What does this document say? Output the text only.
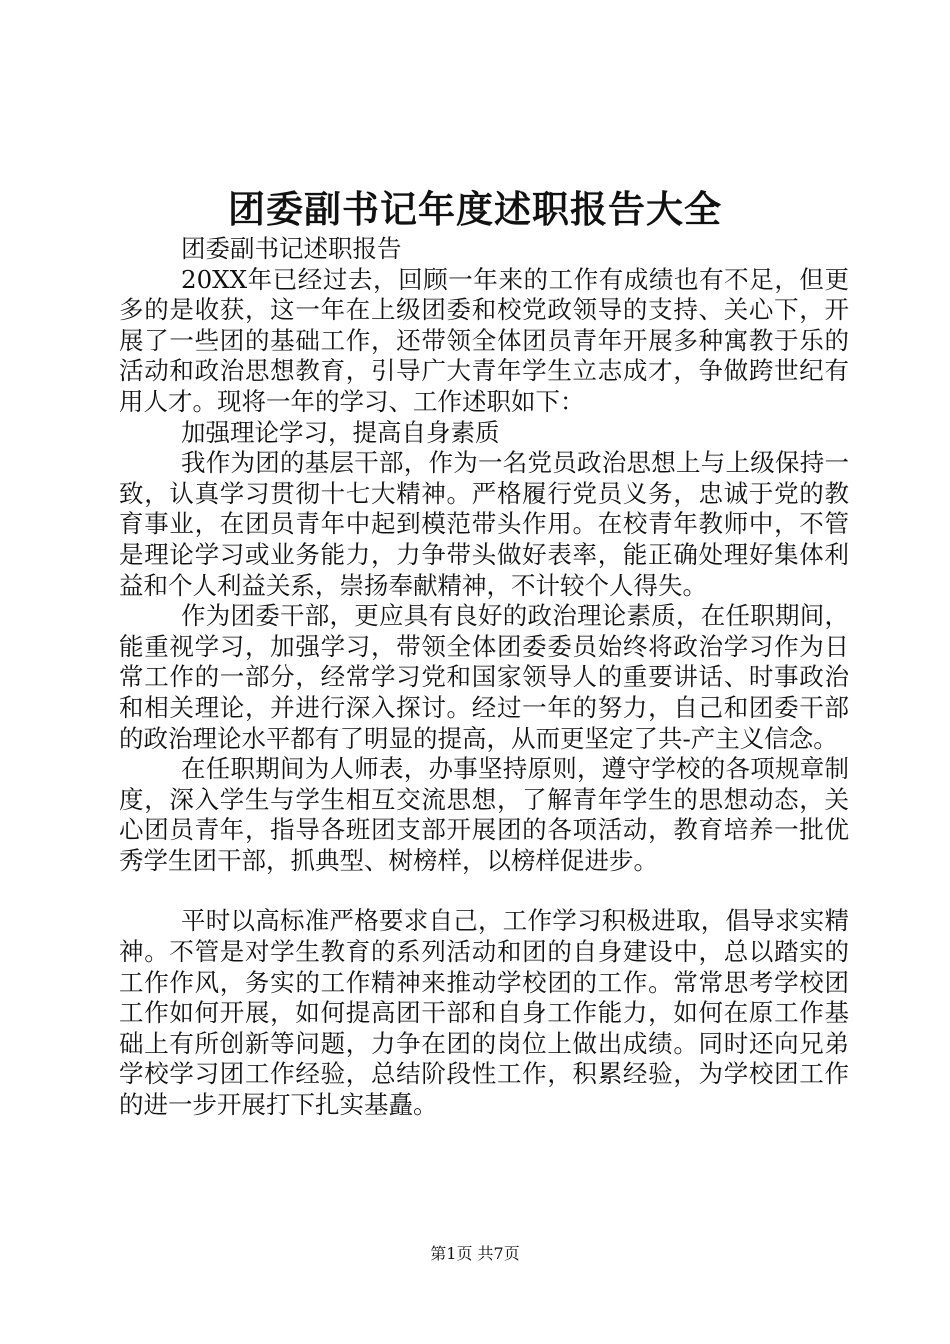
团委副书记年度述职报告大全

团委副书记述职报告

20XX年已经过去，回顾一年来的工作有成绩也有不足，但更多的是收获，这一年在上级团委和校党政领导的支持、关心下，开展了一些团的基础工作，还带领全体团员青年开展多种寓教于乐的活动和政治思想教育，引导广大青年学生立志成才，争做跨世纪有用人才。现将一年的学习、工作述职如下：

加强理论学习，提高自身素质

我作为团的基层干部，作为一名党员政治思想上与上级保持一致，认真学习贯彻十七大精神。严格履行党员义务，忠诚于党的教育事业，在团员青年中起到模范带头作用。在校青年教师中，不管是理论学习或业务能力，力争带头做好表率，能正确处理好集体利益和个人利益关系，崇扬奉献精神，不计较个人得失。

作为团委干部，更应具有良好的政治理论素质，在任职期间，能重视学习，加强学习，带领全体团委委员始终将政治学习作为日常工作的一部分，经常学习党和国家领导人的重要讲话、时事政治和相关理论，并进行深入探讨。经过一年的努力，自己和团委干部的政治理论水平都有了明显的提高，从而更坚定了共-产主义信念。

在任职期间为人师表，办事坚持原则，遵守学校的各项规章制度，深入学生与学生相互交流思想，了解青年学生的思想动态，关心团员青年，指导各班团支部开展团的各项活动，教育培养一批优秀学生团干部，抓典型、树榜样，以榜样促进步。

平时以高标准严格要求自己，工作学习积极进取，倡导求实精神。不管是对学生教育的系列活动和团的自身建设中，总以踏实的工作作风，务实的工作精神来推动学校团的工作。常常思考学校团工作如何开展，如何提高团干部和自身工作能力，如何在原工作基础上有所创新等问题，力争在团的岗位上做出成绩。同时还向兄弟学校学习团工作经验，总结阶段性工作，积累经验，为学校团工作的进一步开展打下扎实基矗。

第1页 共7页
